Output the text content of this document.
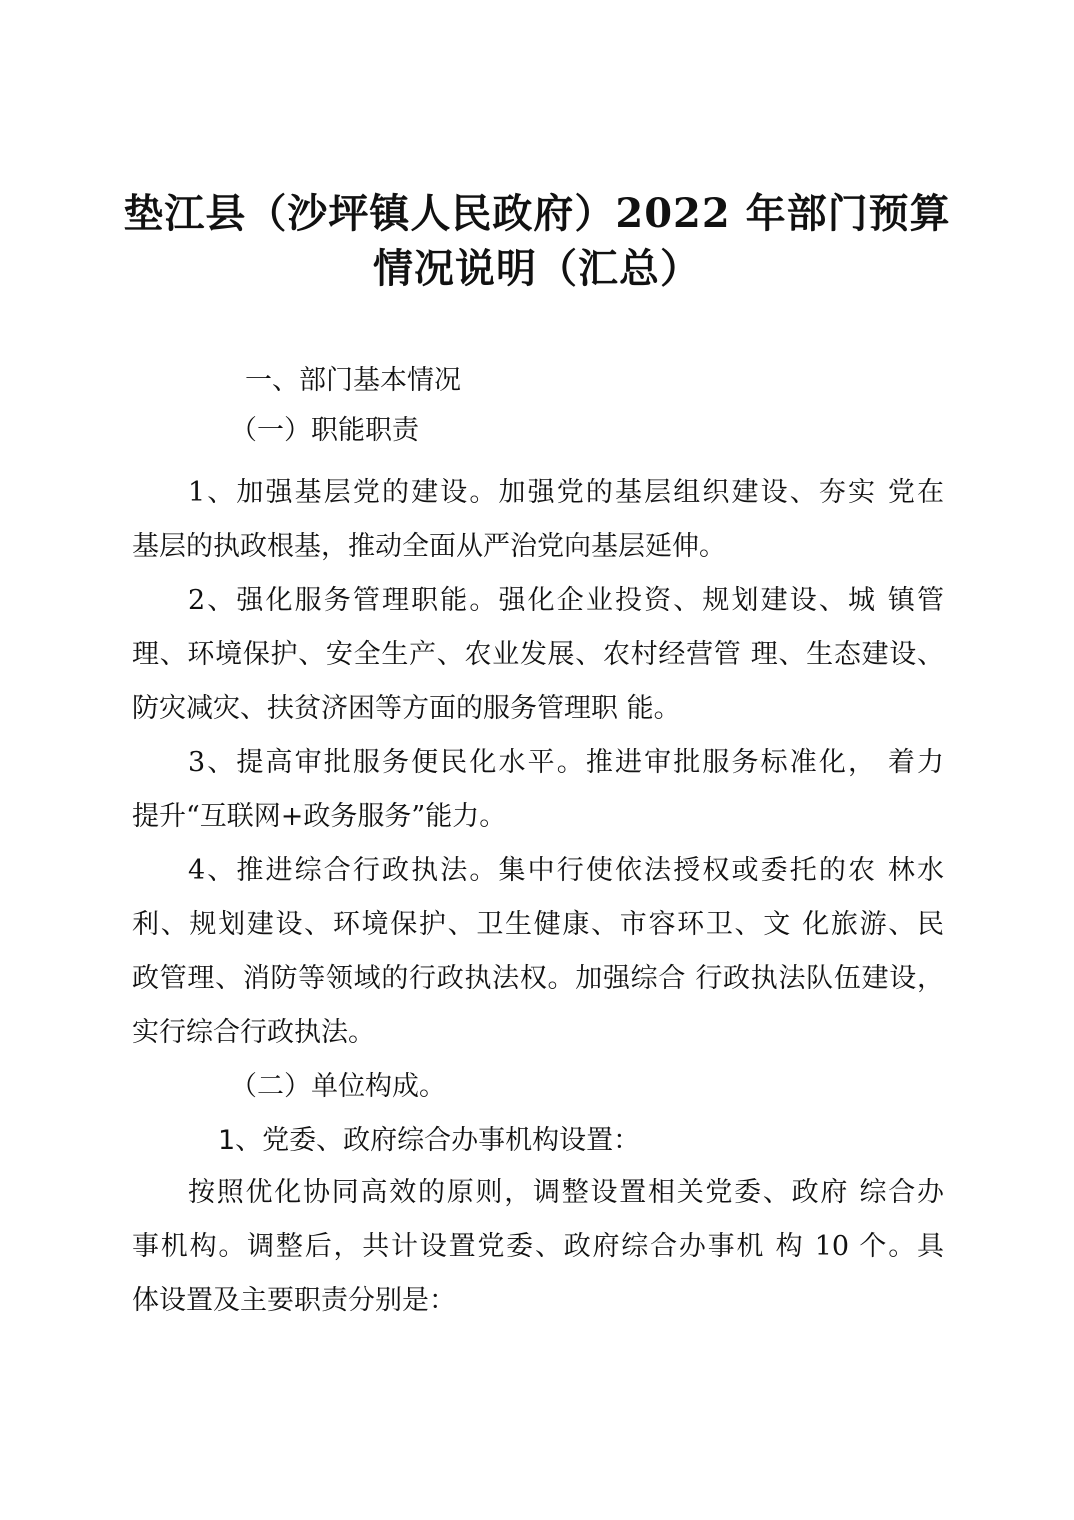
垫江县（沙坪镇人民政府）2022 年部门预算
情况说明（汇总）

一、部门基本情况

（一）职能职责

1、加强基层党的建设。加强党的基层组织建设、夯实 党在

基层的执政根基，推动全面从严治党向基层延伸。

2、强化服务管理职能。强化企业投资、规划建设、城 镇管

理、环境保护、安全生产、农业发展、农村经营管 理、生态建设、

防灾减灾、扶贫济困等方面的服务管理职 能。

3、提高审批服务便民化水平。推进审批服务标准化， 着力

提升“互联网+政务服务”能力。

4、推进综合行政执法。集中行使依法授权或委托的农 林水

利、规划建设、环境保护、卫生健康、市容环卫、文 化旅游、民

政管理、消防等领域的行政执法权。加强综合 行政执法队伍建设，

实行综合行政执法。

（二）单位构成。

1、党委、政府综合办事机构设置：

按照优化协同高效的原则，调整设置相关党委、政府 综合办

事机构。调整后，共计设置党委、政府综合办事机 构 10 个。具

体设置及主要职责分别是：
